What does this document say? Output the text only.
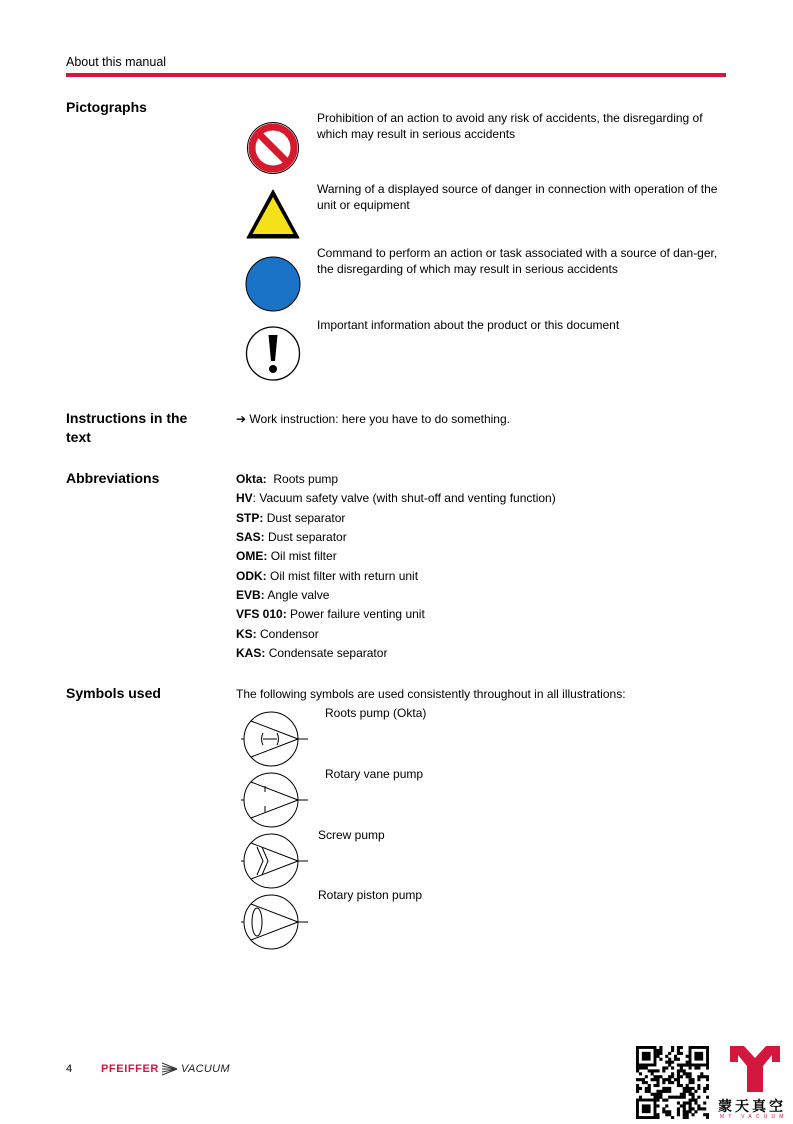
About this manual
Pictographs
Prohibition of an action to avoid any risk of accidents, the disregarding of which may result in serious accidents
Warning of a displayed source of danger in connection with operation of the unit or equipment
Command to perform an action or task associated with a source of dan-ger, the disregarding of which may result in serious accidents
Important information about the product or this document
Instructions in the text
➔ Work instruction: here you have to do something.
Abbreviations	Okta: Roots pump
HV: Vacuum safety valve (with shut-off and venting function)
STP: Dust separator
SAS: Dust separator
OME: Oil mist filter
ODK: Oil mist filter with return unit
EVB: Angle valve
VFS 010: Power failure venting unit
KS: Condensor
KAS: Condensate separator
Symbols used	The following symbols are used consistently throughout in all illustrations:
Roots pump (Okta)
Rotary vane pump
Screw pump
Rotary piston pump
4	PFEIFFER VACUUM
蒙天真空
MT VACUUM
